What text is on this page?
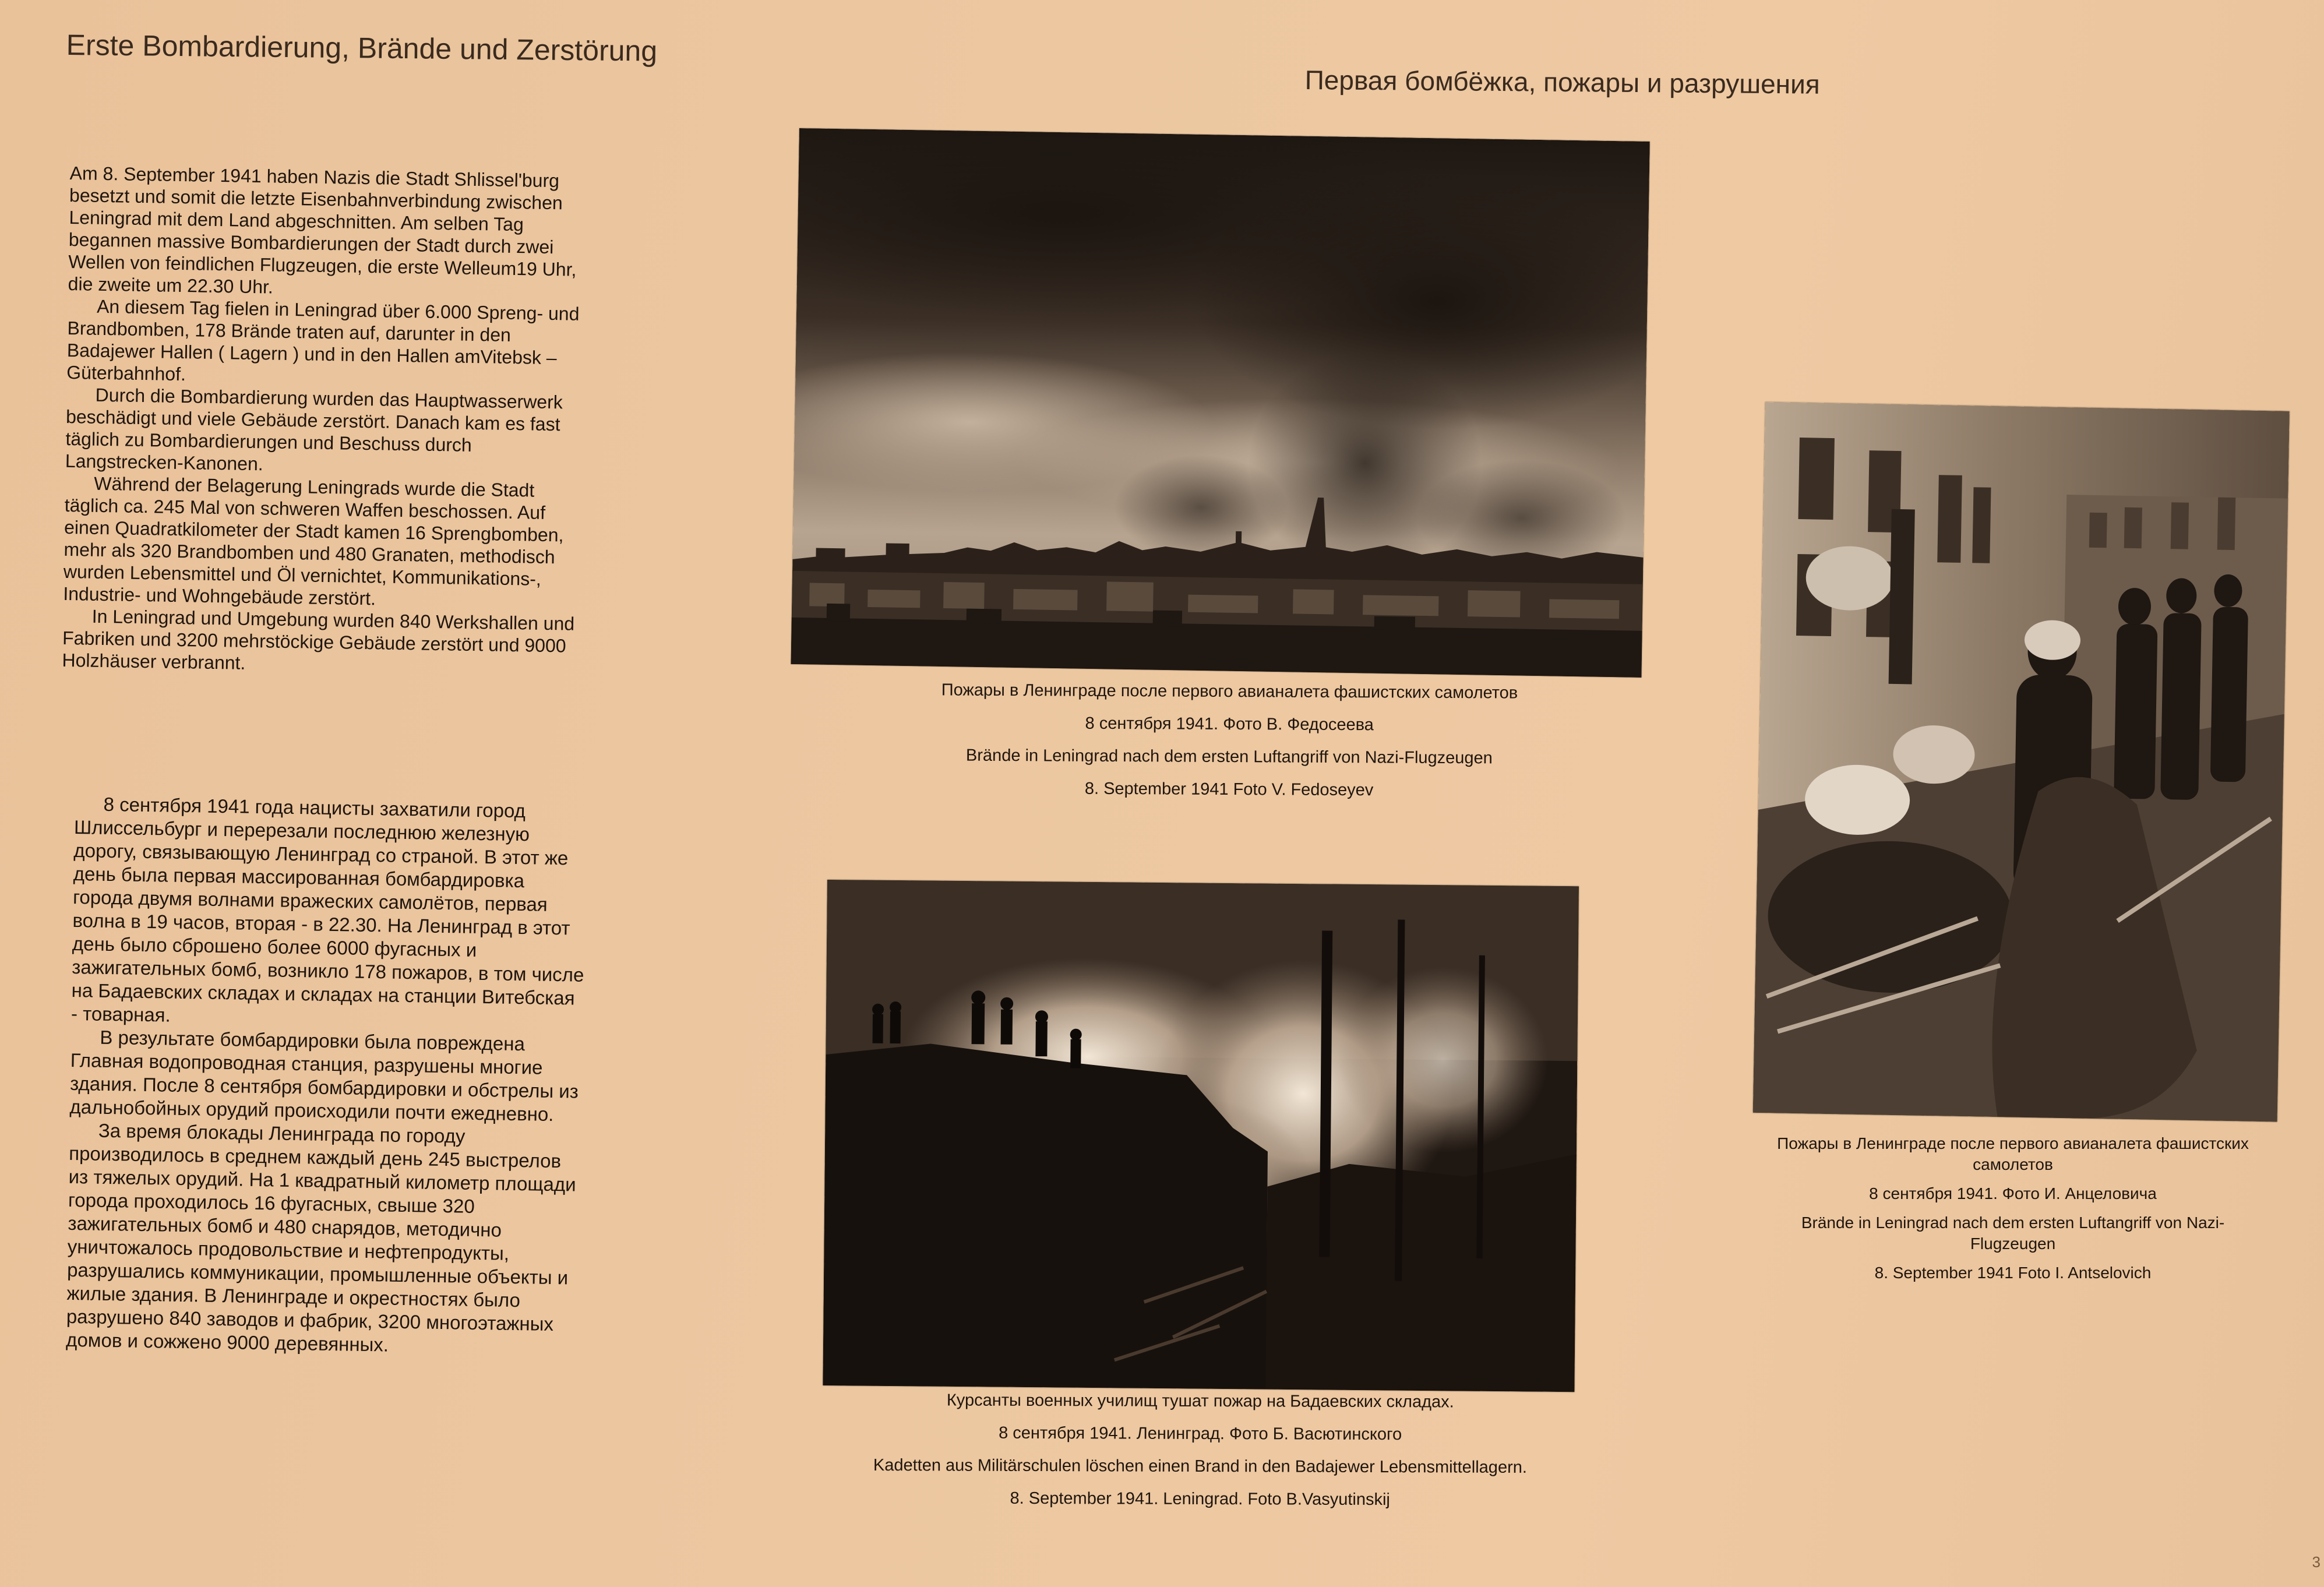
Erste Bombardierung, Brände und Zerstörung
Первая бомбёжка, пожары и разрушения

Am 8. September 1941 haben Nazis die Stadt Shlissel'burg besetzt und somit die letzte Eisenbahnverbindung zwischen Leningrad mit dem Land abgeschnitten. Am selben Tag begannen massive Bombardierungen der Stadt durch zwei Wellen von feindlichen Flugzeugen, die erste Welleum19 Uhr, die zweite um 22.30 Uhr.

An diesem Tag fielen in Leningrad über 6.000 Spreng- und Brandbomben, 178 Brände traten auf, darunter in den Badajewer Hallen ( Lagern ) und in den Hallen amVitebsk – Güterbahnhof.

Durch die Bombardierung wurden das Hauptwasserwerk beschädigt und viele Gebäude zerstört. Danach kam es fast täglich zu Bombardierungen und Beschuss durch Langstrecken-Kanonen.

Während der Belagerung Leningrads wurde die Stadt täglich ca. 245 Mal von schweren Waffen beschossen. Auf einen Quadratkilometer der Stadt kamen 16 Sprengbomben, mehr als 320 Brandbomben und 480 Granaten, methodisch wurden Lebensmittel und Öl vernichtet, Kommunikations-, Industrie- und Wohngebäude zerstört.

In Leningrad und Umgebung wurden 840 Werkshallen und Fabriken und 3200 mehrstöckige Gebäude zerstört und 9000 Holzhäuser verbrannt.

8 сентября 1941 года нацисты захватили город Шлиссельбург и перерезали последнюю железную дорогу, связывающую Ленинград со страной. В этот же день была первая массированная бомбардировка города двумя волнами вражеских самолётов, первая волна в 19 часов, вторая - в 22.30. На Ленинград в этот день было сброшено более 6000 фугасных и зажигательных бомб, возникло 178 пожаров, в том числе на Бадаевских складах и складах на станции Витебская - товарная.

В результате бомбардировки была повреждена Главная водопроводная станция, разрушены многие здания. После 8 сентября бомбардировки и обстрелы из дальнобойных орудий происходили почти ежедневно.

За время блокады Ленинграда по городу производилось в среднем каждый день 245 выстрелов из тяжелых орудий. На 1 квадратный километр площади города проходилось 16 фугасных, свыше 320 зажигательных бомб и 480 снарядов, методично уничтожалось продовольствие и нефтепродукты, разрушались коммуникации, промышленные объекты и жилые здания. В Ленинграде и окрестностях было разрушено 840 заводов и фабрик, 3200 многоэтажных домов и сожжено 9000 деревянных.

Пожары в Ленинграде после первого авианалета фашистских самолетов
8 сентября 1941. Фото В. Федосеева
Brände in Leningrad nach dem ersten Luftangriff von Nazi-Flugzeugen
8. September 1941 Foto V. Fedoseyev
Курсанты военных училищ тушат пожар на Бадаевских складах.
8 сентября 1941. Ленинград. Фото Б. Васютинского
Kadetten aus Militärschulen löschen einen Brand in den Badajewer Lebensmittellagern.
8. September 1941. Leningrad. Foto B.Vasyutinskij
Пожары в Ленинграде после первого авианалета фашистских самолетов
8 сентября 1941. Фото И. Анцеловича
Brände in Leningrad nach dem ersten Luftangriff von Nazi-Flugzeugen
8. September 1941 Foto I. Antselovich
3
